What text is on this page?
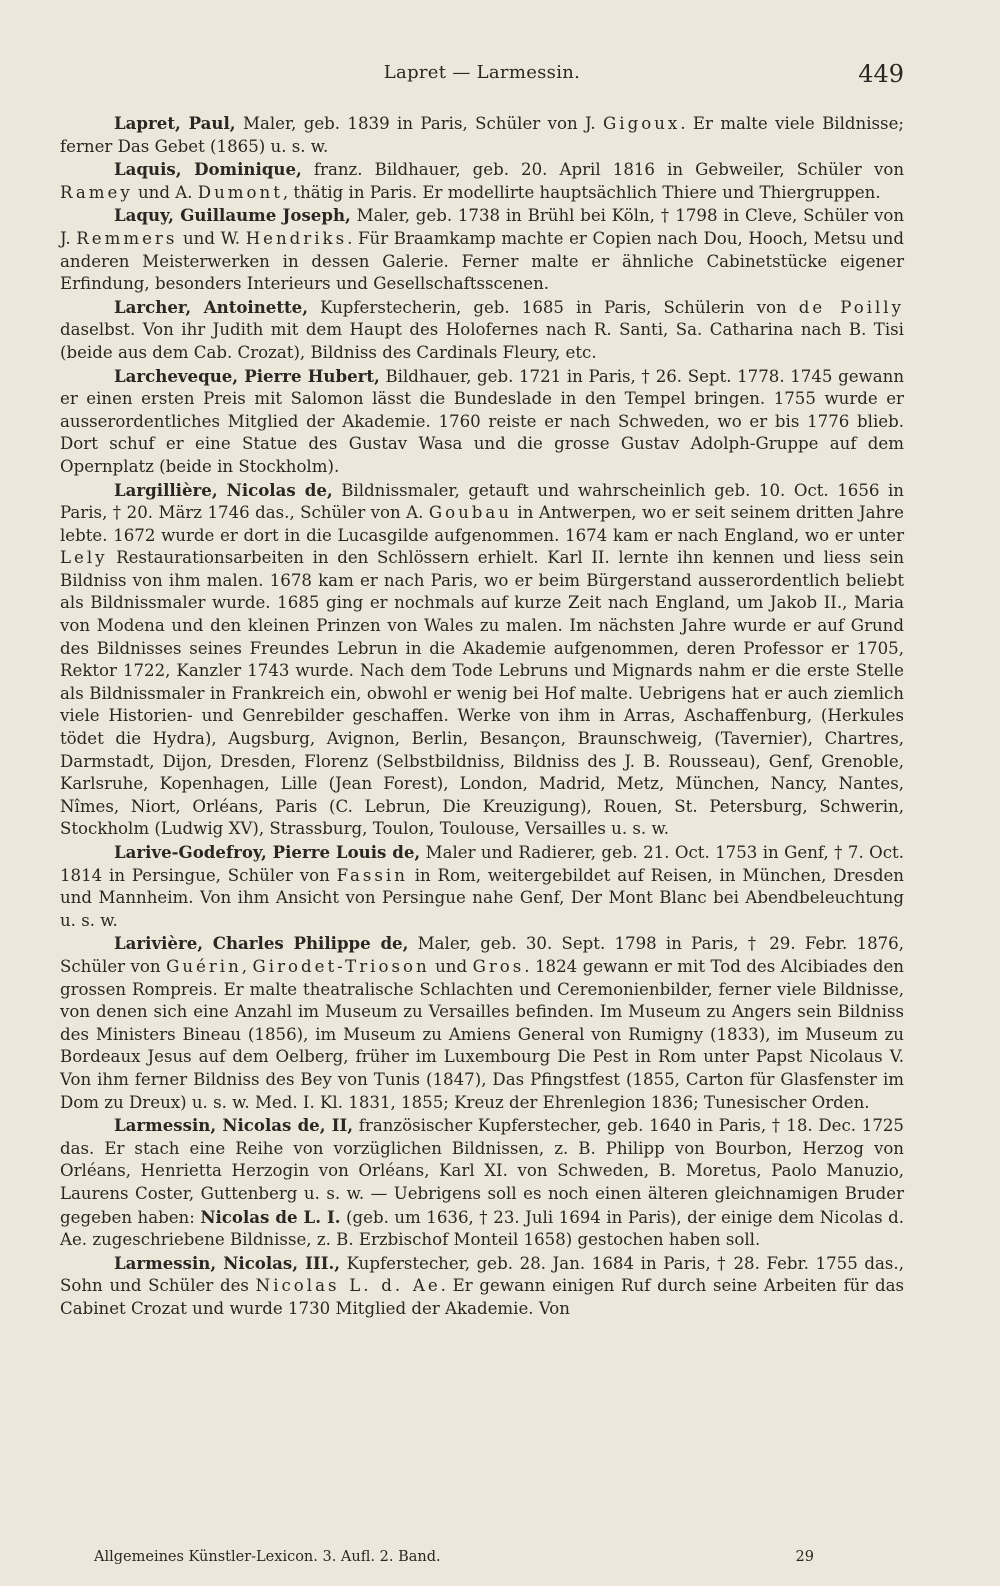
Lapret — Larmessin.	449

Lapret, Paul, Maler, geb. 1839 in Paris, Schüler von J. Gigoux. Er malte viele Bildnisse; ferner Das Gebet (1865) u. s. w.

Laquis, Dominique, franz. Bildhauer, geb. 20. April 1816 in Gebweiler, Schüler von Ramey und A. Dumont, thätig in Paris. Er modellirte hauptsächlich Thiere und Thiergruppen.

Laquy, Guillaume Joseph, Maler, geb. 1738 in Brühl bei Köln, † 1798 in Cleve, Schüler von J. Remmers und W. Hendriks. Für Braamkamp machte er Copien nach Dou, Hooch, Metsu und anderen Meisterwerken in dessen Galerie. Ferner malte er ähnliche Cabinetstücke eigener Erfindung, besonders Interieurs und Gesellschaftsscenen.

Larcher, Antoinette, Kupferstecherin, geb. 1685 in Paris, Schülerin von de Poilly daselbst. Von ihr Judith mit dem Haupt des Holofernes nach R. Santi, Sa. Catharina nach B. Tisi (beide aus dem Cab. Crozat), Bildniss des Cardinals Fleury, etc.

Larcheveque, Pierre Hubert, Bildhauer, geb. 1721 in Paris, † 26. Sept. 1778. 1745 gewann er einen ersten Preis mit Salomon lässt die Bundeslade in den Tempel bringen. 1755 wurde er ausserordentliches Mitglied der Akademie. 1760 reiste er nach Schweden, wo er bis 1776 blieb. Dort schuf er eine Statue des Gustav Wasa und die grosse Gustav Adolph-Gruppe auf dem Opernplatz (beide in Stockholm).

Largillière, Nicolas de, Bildnissmaler, getauft und wahrscheinlich geb. 10. Oct. 1656 in Paris, † 20. März 1746 das., Schüler von A. Goubau in Antwerpen, wo er seit seinem dritten Jahre lebte. 1672 wurde er dort in die Lucasgilde aufgenommen. 1674 kam er nach England, wo er unter Lely Restaurationsarbeiten in den Schlössern erhielt. Karl II. lernte ihn kennen und liess sein Bildniss von ihm malen. 1678 kam er nach Paris, wo er beim Bürgerstand ausserordentlich beliebt als Bildnissmaler wurde. 1685 ging er nochmals auf kurze Zeit nach England, um Jakob II., Maria von Modena und den kleinen Prinzen von Wales zu malen. Im nächsten Jahre wurde er auf Grund des Bildnisses seines Freundes Lebrun in die Akademie aufgenommen, deren Professor er 1705, Rektor 1722, Kanzler 1743 wurde. Nach dem Tode Lebruns und Mignards nahm er die erste Stelle als Bildnissmaler in Frankreich ein, obwohl er wenig bei Hof malte. Uebrigens hat er auch ziemlich viele Historien- und Genrebilder geschaffen. Werke von ihm in Arras, Aschaffenburg, (Herkules tödet die Hydra), Augsburg, Avignon, Berlin, Besançon, Braunschweig, (Tavernier), Chartres, Darmstadt, Dijon, Dresden, Florenz (Selbstbildniss, Bildniss des J. B. Rousseau), Genf, Grenoble, Karlsruhe, Kopenhagen, Lille (Jean Forest), London, Madrid, Metz, München, Nancy, Nantes, Nîmes, Niort, Orléans, Paris (C. Lebrun, Die Kreuzigung), Rouen, St. Petersburg, Schwerin, Stockholm (Ludwig XV), Strassburg, Toulon, Toulouse, Versailles u. s. w.

Larive-Godefroy, Pierre Louis de, Maler und Radierer, geb. 21. Oct. 1753 in Genf, † 7. Oct. 1814 in Persingue, Schüler von Fassin in Rom, weitergebildet auf Reisen, in München, Dresden und Mannheim. Von ihm Ansicht von Persingue nahe Genf, Der Mont Blanc bei Abendbeleuchtung u. s. w.

Larivière, Charles Philippe de, Maler, geb. 30. Sept. 1798 in Paris, † 29. Febr. 1876, Schüler von Guérin, Girodet-Trioson und Gros. 1824 gewann er mit Tod des Alcibiades den grossen Rompreis. Er malte theatralische Schlachten und Ceremonienbilder, ferner viele Bildnisse, von denen sich eine Anzahl im Museum zu Versailles befinden. Im Museum zu Angers sein Bildniss des Ministers Bineau (1856), im Museum zu Amiens General von Rumigny (1833), im Museum zu Bordeaux Jesus auf dem Oelberg, früher im Luxembourg Die Pest in Rom unter Papst Nicolaus V. Von ihm ferner Bildniss des Bey von Tunis (1847), Das Pfingstfest (1855, Carton für Glasfenster im Dom zu Dreux) u. s. w. Med. I. Kl. 1831, 1855; Kreuz der Ehrenlegion 1836; Tunesischer Orden.

Larmessin, Nicolas de, II, französischer Kupferstecher, geb. 1640 in Paris, † 18. Dec. 1725 das. Er stach eine Reihe von vorzüglichen Bildnissen, z. B. Philipp von Bourbon, Herzog von Orléans, Henrietta Herzogin von Orléans, Karl XI. von Schweden, B. Moretus, Paolo Manuzio, Laurens Coster, Guttenberg u. s. w. — Uebrigens soll es noch einen älteren gleichnamigen Bruder gegeben haben: Nicolas de L. I. (geb. um 1636, † 23. Juli 1694 in Paris), der einige dem Nicolas d. Ae. zugeschriebene Bildnisse, z. B. Erzbischof Monteil 1658) gestochen haben soll.

Larmessin, Nicolas, III., Kupferstecher, geb. 28. Jan. 1684 in Paris, † 28. Febr. 1755 das., Sohn und Schüler des Nicolas L. d. Ae. Er gewann einigen Ruf durch seine Arbeiten für das Cabinet Crozat und wurde 1730 Mitglied der Akademie. Von

Allgemeines Künstler-Lexicon. 3. Aufl. 2. Band.	29
